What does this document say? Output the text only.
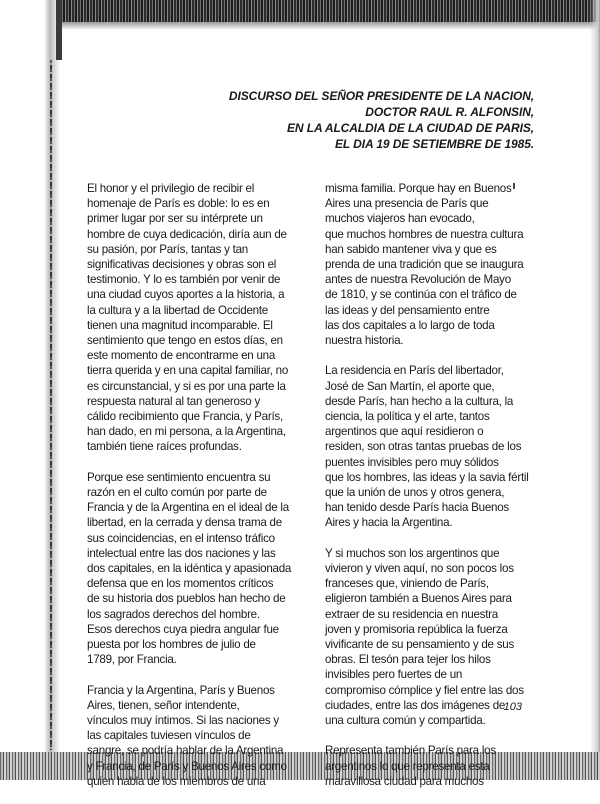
DISCURSO DEL SEÑOR PRESIDENTE DE LA NACION,
DOCTOR RAUL R. ALFONSIN,
EN LA ALCALDIA DE LA CIUDAD DE PARIS,
EL DIA 19 DE SETIEMBRE DE 1985.

El honor y el privilegio de recibir el
homenaje de París es doble: lo es en
primer lugar por ser su intérprete un
hombre de cuya dedicación, diría aun de
su pasión, por París, tantas y tan
significativas decisiones y obras son el
testimonio. Y lo es también por venir de
una ciudad cuyos aportes a la historia, a
la cultura y a la libertad de Occidente
tienen una magnitud incomparable. El
sentimiento que tengo en estos días, en
este momento de encontrarme en una
tierra querida y en una capital familiar, no
es circunstancial, y si es por una parte la
respuesta natural al tan generoso y
cálido recibimiento que Francia, y París,
han dado, en mi persona, a la Argentina,
también tiene raíces profundas.

Porque ese sentimiento encuentra su
razón en el culto común por parte de
Francia y de la Argentina en el ideal de la
libertad, en la cerrada y densa trama de
sus coincidencias, en el intenso tráfico
intelectual entre las dos naciones y las
dos capitales, en la idéntica y apasionada
defensa que en los momentos críticos
de su historia dos pueblos han hecho de
los sagrados derechos del hombre.
Esos derechos cuya piedra angular fue
puesta por los hombres de julio de
1789, por Francia.

Francia y la Argentina, París y Buenos
Aires, tienen, señor intendente,
vínculos muy íntimos. Si las naciones y
las capitales tuviesen vínculos de
sangre, se podría hablar de la Argentina
y Francia, de París y Buenos Aires como
quien habla de los miembros de una

misma familia. Porque hay en Buenos
Aires una presencia de París que
muchos viajeros han evocado,
que muchos hombres de nuestra cultura
han sabido mantener viva y que es
prenda de una tradición que se inaugura
antes de nuestra Revolución de Mayo
de 1810, y se continúa con el tráfico de
las ideas y del pensamiento entre
las dos capitales a lo largo de toda
nuestra historia.

La residencia en París del libertador,
José de San Martín, el aporte que,
desde París, han hecho a la cultura, la
ciencia, la política y el arte, tantos
argentinos que aquí residieron o
residen, son otras tantas pruebas de los
puentes invisibles pero muy sólidos
que los hombres, las ideas y la savia fértil
que la unión de unos y otros genera,
han tenido desde París hacia Buenos
Aires y hacia la Argentina.

Y si muchos son los argentinos que
vivieron y viven aquí, no son pocos los
franceses que, viniendo de París,
eligieron también a Buenos Aires para
extraer de su residencia en nuestra
joven y promisoria república la fuerza
vivificante de su pensamiento y de sus
obras. El tesón para tejer los hilos
invisibles pero fuertes de un
compromiso cómplice y fiel entre las dos
ciudades, entre las dos imágenes de
una cultura común y compartida.

Representa también París para los
argentinos lo que representa esta
maravillosa ciudad para muchos

103
